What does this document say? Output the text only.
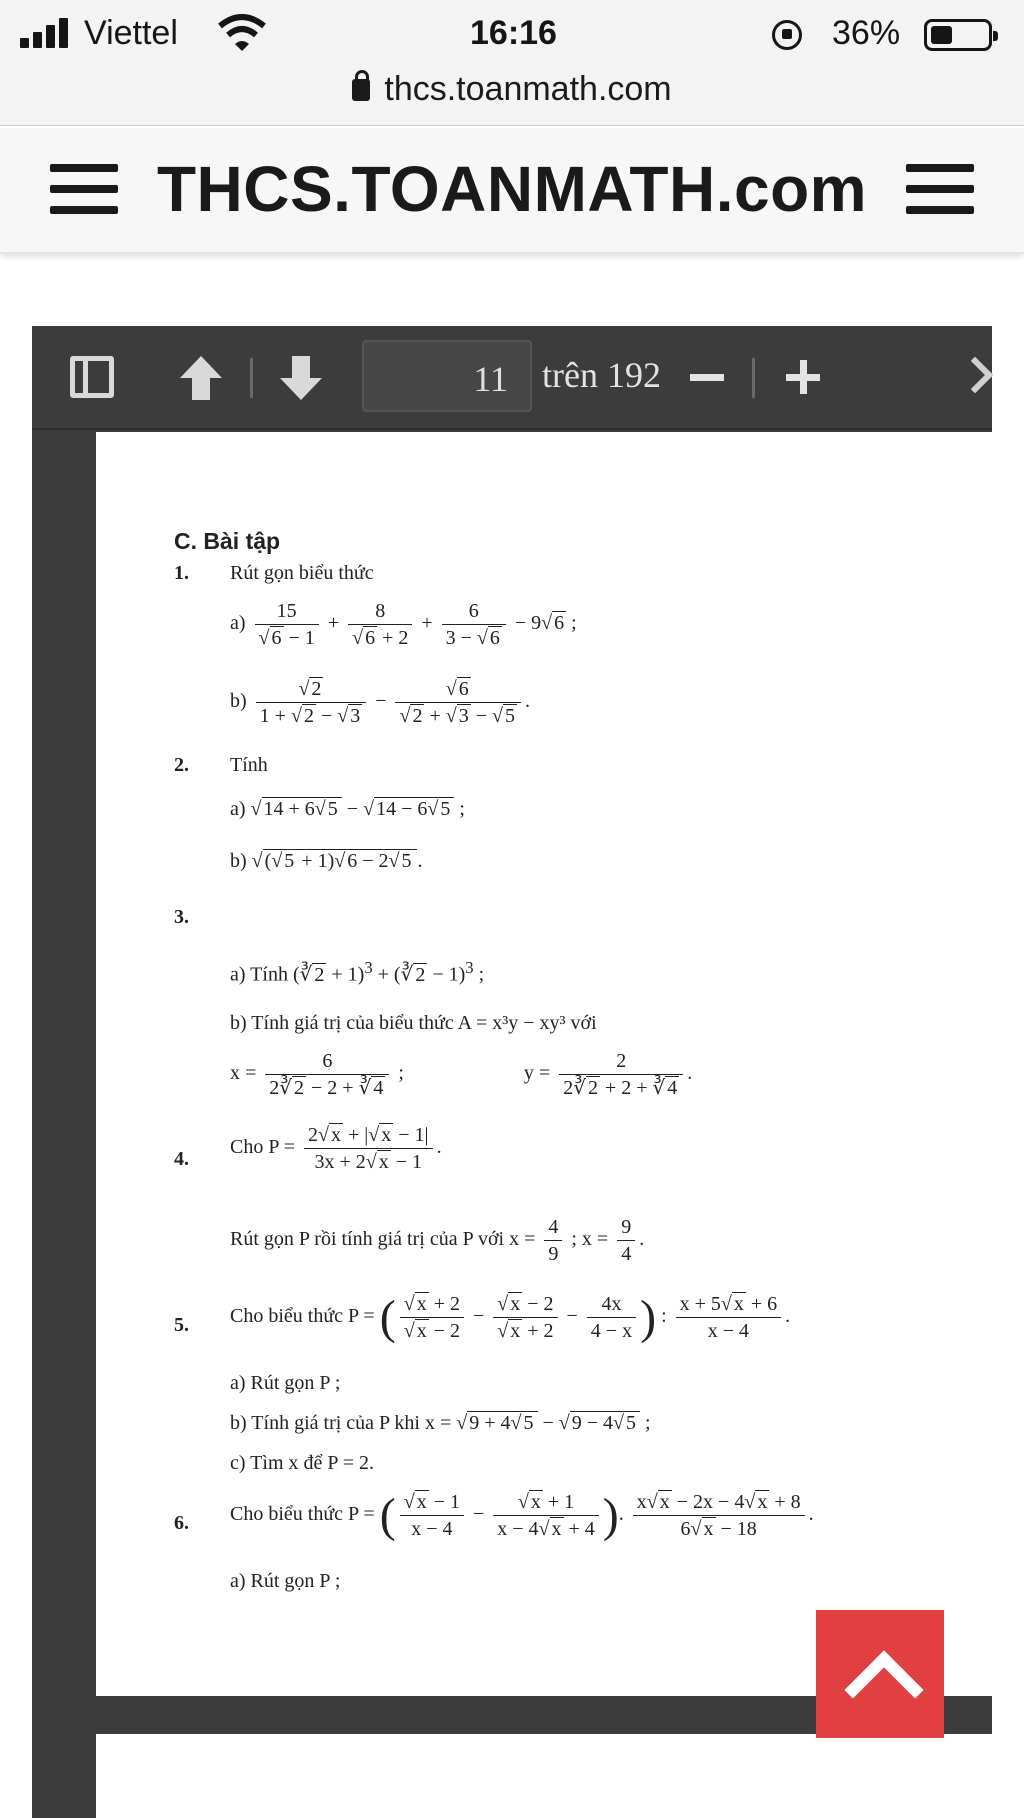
Viettel	16:16	36%
thcs.toanmath.com
THCS.TOANMATH.com
11 trên 192
C. Bài tập
1. Rút gọn biểu thức
$a) \frac{15}{√ 6 - 1} + \frac{8}{√ 6 + 2} + \frac{6}{3 - √ 6} - 9√$ 6 ;
$b) \frac{√ 2}{1 + √ 2 - √ 3} - \frac{√ 6}{√ 2 + √ 3 - √ 5}$ .
2. Tính
a) √ 14 + 6√ 5 − √ 14 − 6√ 5 ;
b) √ (√ 5 + 1)√ 6 − 2√ 5 .
3.
a) Tính (∛ 2 + 1)$^3$ + (∛ 2 − 1)$^3$ ;
b) Tính giá trị của biểu thức A = x³y − xy³ với
$x = \frac{6}{2∛ 2 - 2 + ∛ 4}$ ;	$y = \frac{2}{2∛ 2 + 2 + ∛ 4}$ .
4.
Cho $P = \frac{2√ x + |√ x - 1|}{3x + 2√ x - 1}$ .
Rút gọn P rồi tính giá trị của P với $x = \frac{4}{9}$ ; $x = \frac{9}{4}$ .
5. Cho biểu thức P = ( $\frac{√ x + 2}{√ x - 2} - \frac{√ x - 2}{√ x + 2} - \frac{4x}{4 - x}$ ) : $\frac{x + 5√ x + 6}{x - 4}$ .
a) Rút gọn P ;
b) Tính giá trị của P khi x = √ 9 + 4√ 5 − √ 9 − 4√ 5 ;
c) Tìm x để P = 2.
6. Cho biểu thức P = ( $\frac{√ x - 1}{x - 4} - \frac{√ x + 1}{x - 4√ x + 4}$ ). $\frac{x√ x - 2x - 4√ x + 8}{6√ x - 18}$ .
a) Rút gọn P ;
